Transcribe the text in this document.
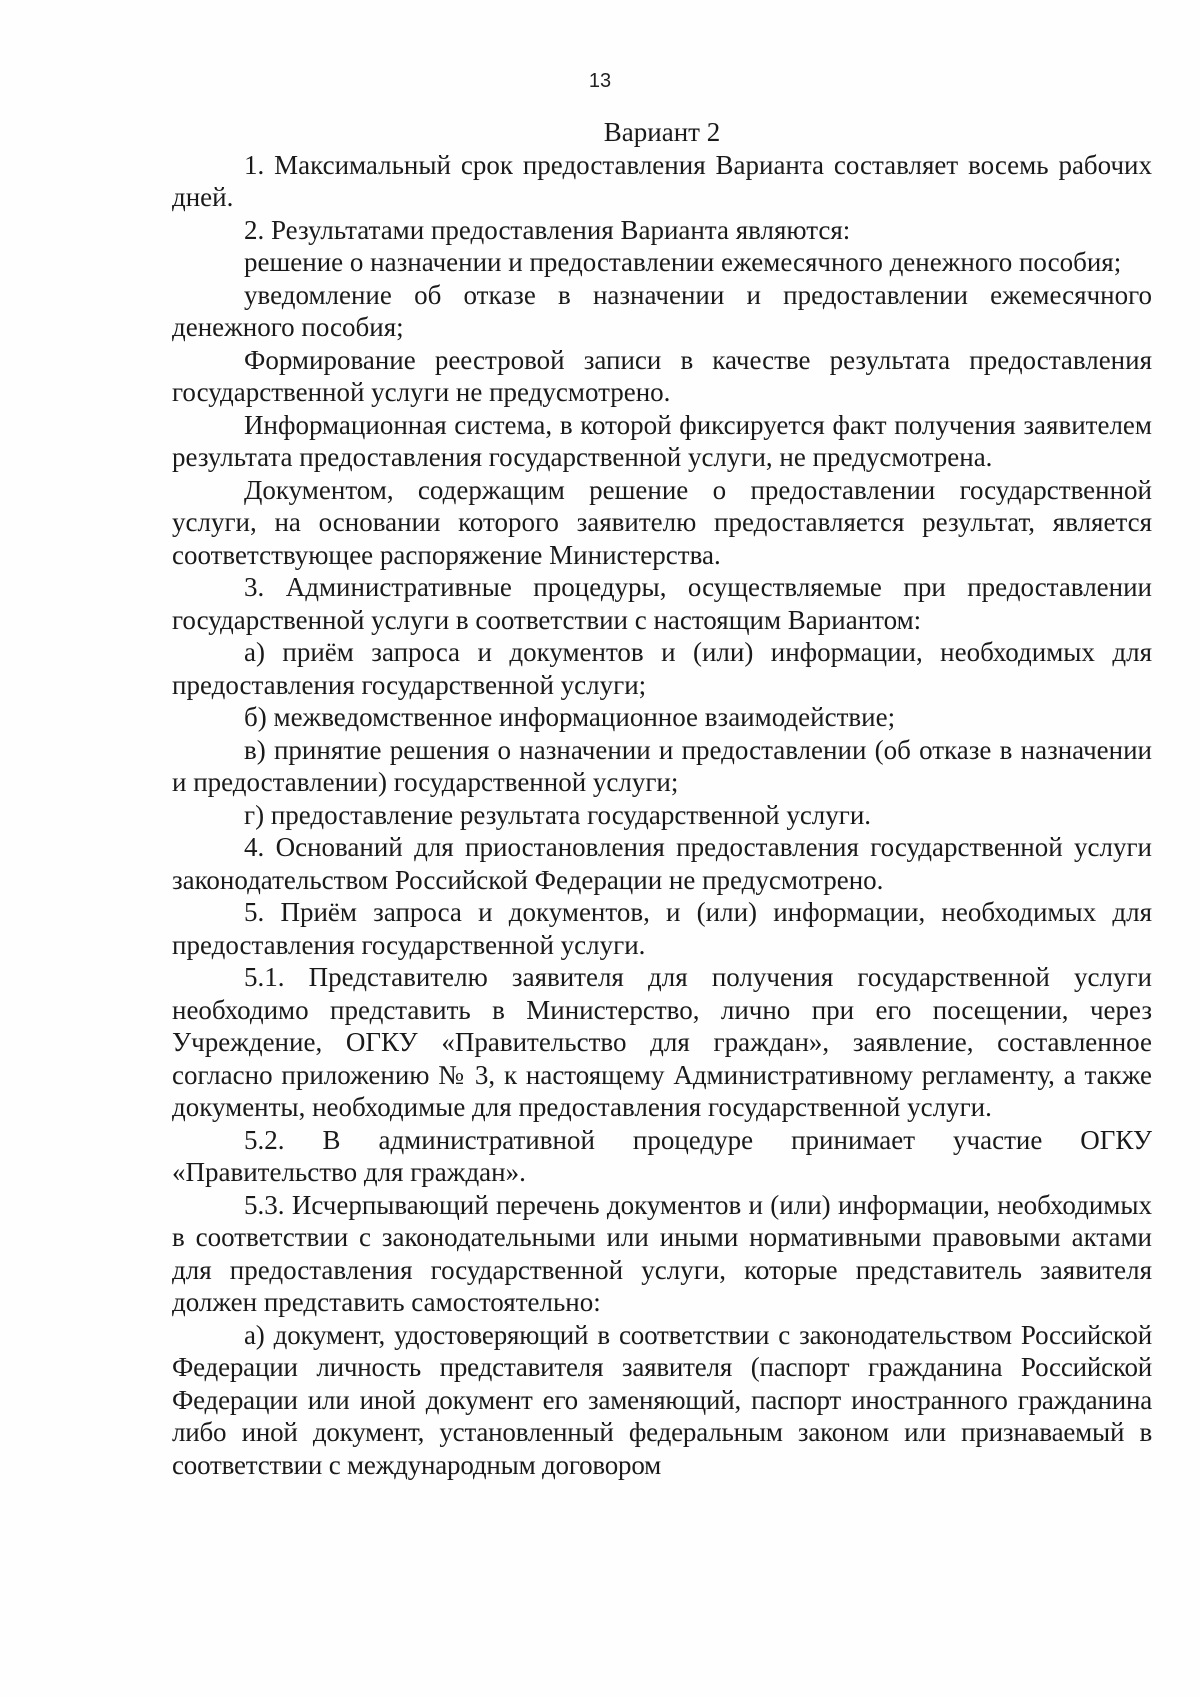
13

Вариант 2

1. Максимальный срок предоставления Варианта составляет восемь рабочих дней.

2. Результатами предоставления Варианта являются:

решение о назначении и предоставлении ежемесячного денежного пособия;

уведомление об отказе в назначении и предоставлении ежемесячного денежного пособия;

Формирование реестровой записи в качестве результата предоставления государственной услуги не предусмотрено.

Информационная система, в которой фиксируется факт получения заявителем результата предоставления государственной услуги, не предусмотрена.

Документом, содержащим решение о предоставлении государственной услуги, на основании которого заявителю предоставляется результат, является соответствующее распоряжение Министерства.

3. Административные процедуры, осуществляемые при предоставлении государственной услуги в соответствии с настоящим Вариантом:

а) приём запроса и документов и (или) информации, необходимых для предоставления государственной услуги;

б) межведомственное информационное взаимодействие;

в) принятие решения о назначении и предоставлении (об отказе в назначении и предоставлении) государственной услуги;

г) предоставление результата государственной услуги.

4. Оснований для приостановления предоставления государственной услуги законодательством Российской Федерации не предусмотрено.

5. Приём запроса и документов, и (или) информации, необходимых для предоставления государственной услуги.

5.1. Представителю заявителя для получения государственной услуги необходимо представить в Министерство, лично при его посещении, через Учреждение, ОГКУ «Правительство для граждан», заявление, составленное согласно приложению № 3, к настоящему Административному регламенту, а также документы, необходимые для предоставления государственной услуги.

5.2. В административной процедуре принимает участие ОГКУ «Правительство для граждан».

5.3. Исчерпывающий перечень документов и (или) информации, необходимых в соответствии с законодательными или иными нормативными правовыми актами для предоставления государственной услуги, которые представитель заявителя должен представить самостоятельно:

а) документ, удостоверяющий в соответствии с законодательством Российской Федерации личность представителя заявителя (паспорт гражданина Российской Федерации или иной документ его заменяющий, паспорт иностранного гражданина либо иной документ, установленный федеральным законом или признаваемый в соответствии с международным договором
